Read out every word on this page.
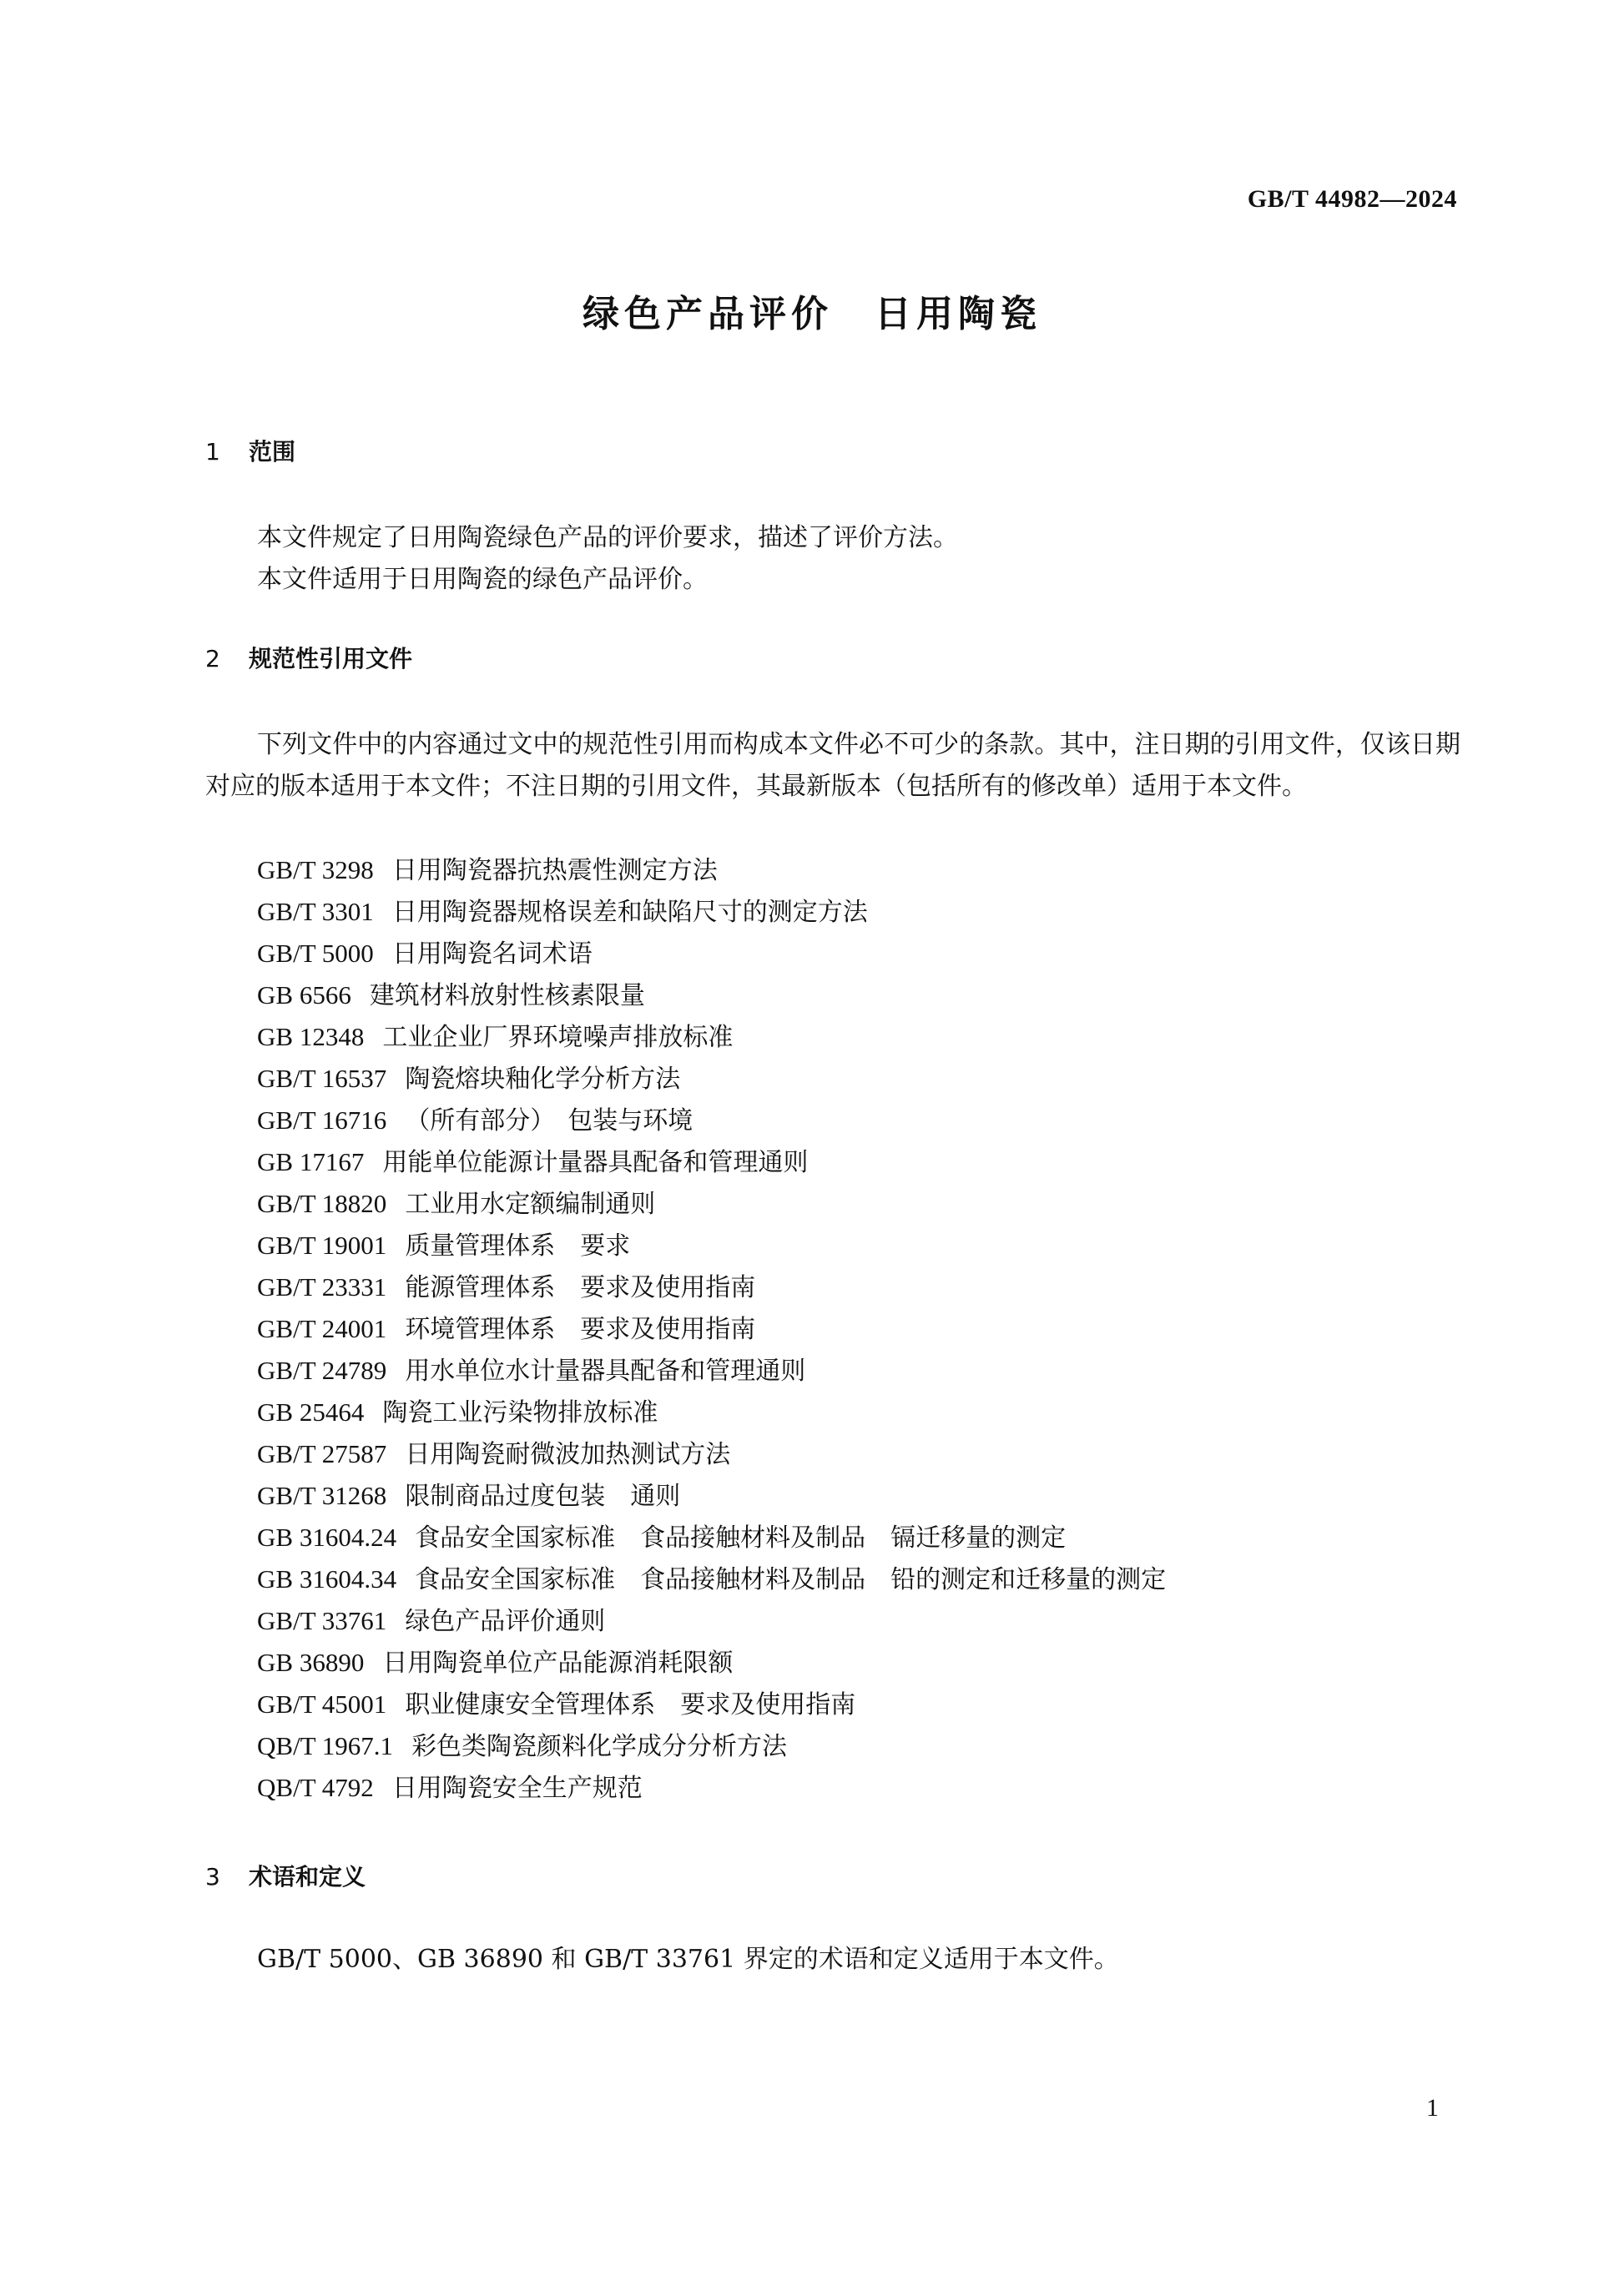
GB/T 44982—2024
绿色产品评价　日用陶瓷
1 范围
本文件规定了日用陶瓷绿色产品的评价要求，描述了评价方法。
本文件适用于日用陶瓷的绿色产品评价。
2 规范性引用文件
下列文件中的内容通过文中的规范性引用而构成本文件必不可少的条款。其中，注日期的引用文件，仅该日期对应的版本适用于本文件；不注日期的引用文件，其最新版本（包括所有的修改单）适用于本文件。
GB/T 3298 日用陶瓷器抗热震性测定方法
GB/T 3301 日用陶瓷器规格误差和缺陷尺寸的测定方法
GB/T 5000 日用陶瓷名词术语
GB 6566 建筑材料放射性核素限量
GB 12348 工业企业厂界环境噪声排放标准
GB/T 16537 陶瓷熔块釉化学分析方法
GB/T 16716 （所有部分）　包装与环境
GB 17167 用能单位能源计量器具配备和管理通则
GB/T 18820 工业用水定额编制通则
GB/T 19001 质量管理体系　要求
GB/T 23331 能源管理体系　要求及使用指南
GB/T 24001 环境管理体系　要求及使用指南
GB/T 24789 用水单位水计量器具配备和管理通则
GB 25464 陶瓷工业污染物排放标准
GB/T 27587 日用陶瓷耐微波加热测试方法
GB/T 31268 限制商品过度包装　通则
GB 31604.24 食品安全国家标准　食品接触材料及制品　镉迁移量的测定
GB 31604.34 食品安全国家标准　食品接触材料及制品　铅的测定和迁移量的测定
GB/T 33761 绿色产品评价通则
GB 36890 日用陶瓷单位产品能源消耗限额
GB/T 45001 职业健康安全管理体系　要求及使用指南
QB/T 1967.1 彩色类陶瓷颜料化学成分分析方法
QB/T 4792 日用陶瓷安全生产规范
3 术语和定义
GB/T 5000、GB 36890 和 GB/T 33761 界定的术语和定义适用于本文件。
1
